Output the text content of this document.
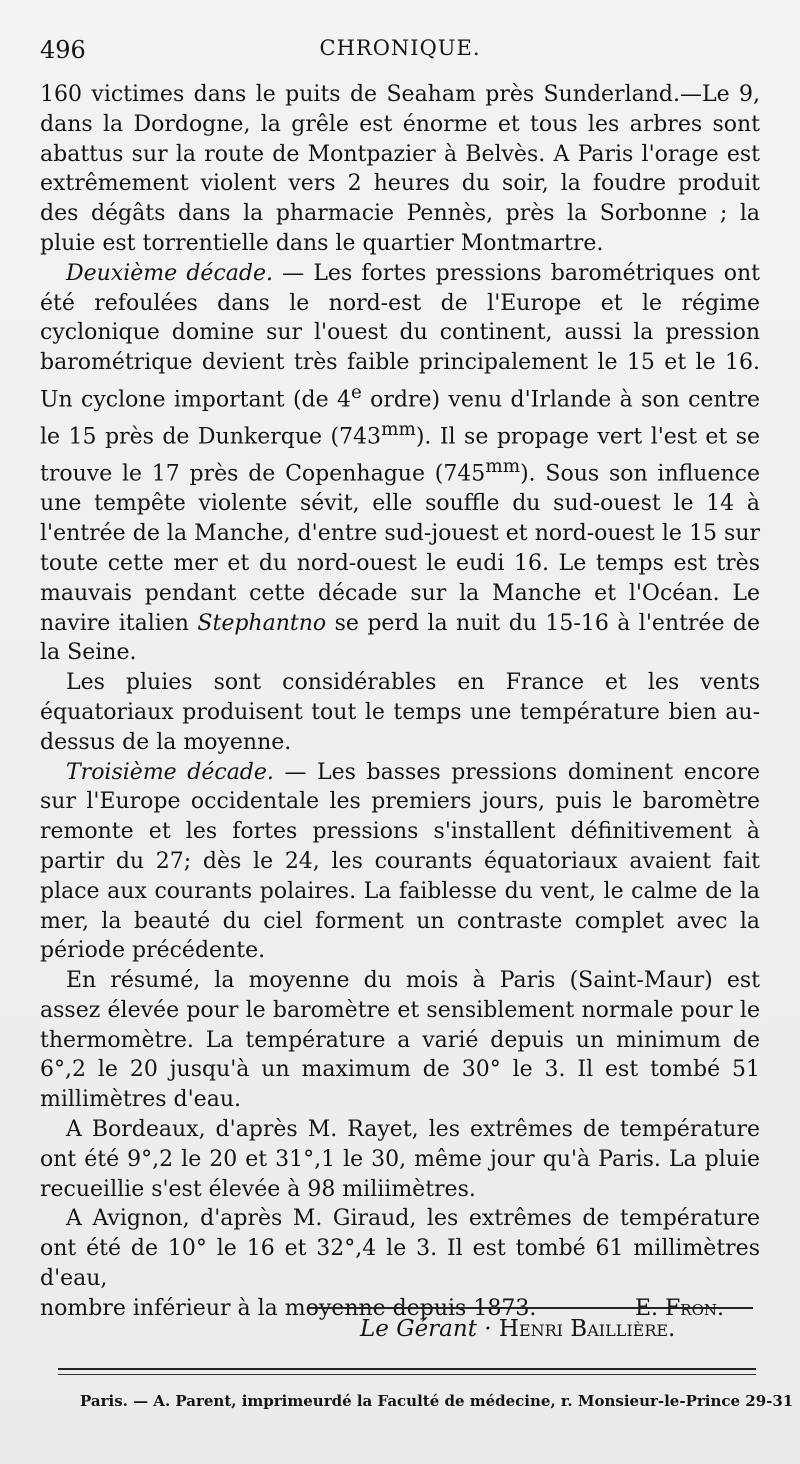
496	CHRONIQUE.

160 victimes dans le puits de Seaham près Sunderland.—Le 9, dans la Dordogne, la grêle est énorme et tous les arbres sont abattus sur la route de Montpazier à Belvès. A Paris l'orage est extrêmement violent vers 2 heures du soir, la foudre produit des dégâts dans la pharmacie Pennès, près la Sorbonne ; la pluie est torrentielle dans le quartier Montmartre.

Deuxième décade. — Les fortes pressions barométriques ont été refoulées dans le nord-est de l'Europe et le régime cyclonique domine sur l'ouest du continent, aussi la pression barométrique devient très faible principalement le 15 et le 16. Un cyclone important (de 4e ordre) venu d'Irlande à son centre le 15 près de Dunkerque $(743^{mm})$. Il se propage vert l'est et se trouve le 17 près de Copenhague $(745^{mm})$. Sous son influence une tempête violente sévit, elle souffle du sud-ouest le 14 à l'entrée de la Manche, d'entre sud-jouest et nord-ouest le 15 sur toute cette mer et du nord-ouest le eudi 16. Le temps est très mauvais pendant cette décade sur la Manche et l'Océan. Le navire italien Stephantno se perd la nuit du 15-16 à l'entrée de la Seine.

Les pluies sont considérables en France et les vents équatoriaux produisent tout le temps une température bien au-dessus de la moyenne.

Troisième décade. — Les basses pressions dominent encore sur l'Europe occidentale les premiers jours, puis le baromètre remonte et les fortes pressions s'installent définitivement à partir du 27; dès le 24, les courants équatoriaux avaient fait place aux courants polaires. La faiblesse du vent, le calme de la mer, la beauté du ciel forment un contraste complet avec la période précédente.

En résumé, la moyenne du mois à Paris (Saint-Maur) est assez élevée pour le baromètre et sensiblement normale pour le thermomètre. La température a varié depuis un minimum de 6°,2 le 20 jusqu'à un maximum de 30° le 3. Il est tombé 51 millimètres d'eau.

A Bordeaux, d'après M. Rayet, les extrêmes de température ont été 9°,2 le 20 et 31°,1 le 30, même jour qu'à Paris. La pluie recueillie s'est élevée à 98 miliimètres.

A Avignon, d'après M. Giraud, les extrêmes de température ont été de 10° le 16 et 32°,4 le 3. Il est tombé 61 millimètres d'eau,

nombre inférieur à la moyenne depuis 1873.	E. Fron.
Le Gérant · Henri Baillière.
Paris. — A. Parent, imprimeurdé la Faculté de médecine, r. Monsieur-le-Prince 29-31
